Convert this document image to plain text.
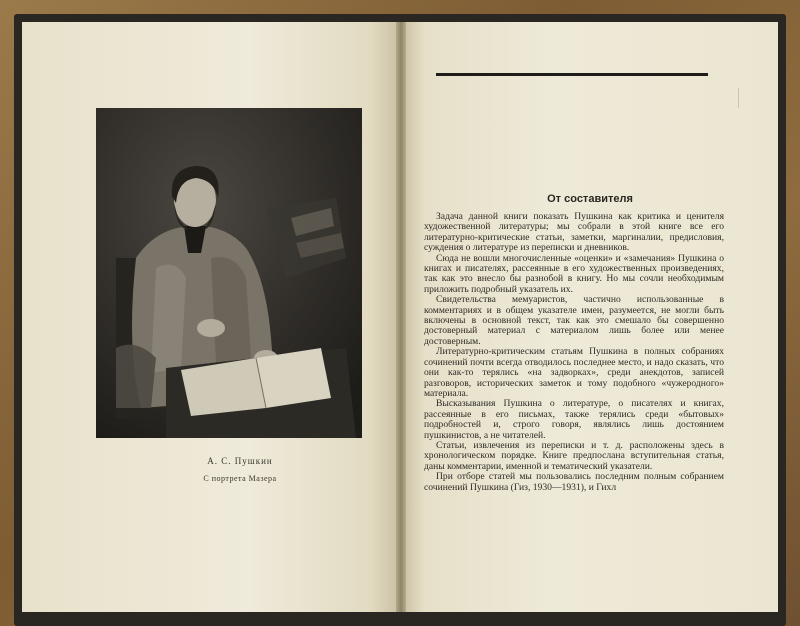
А. С. Пушкин
С портрета Мазера
От составителя

Задача данной книги показать Пушкина как критика и ценителя художественной литературы; мы собрали в этой книге все его литературно-критические статьи, заметки, маргиналии, предисловия, суждения о литературе из переписки и дневников.

Сюда не вошли многочисленные «оценки» и «замечания» Пушкина о книгах и писателях, рассеянные в его художественных произведениях, так как это внесло бы разнобой в книгу. Но мы сочли необходимым приложить подробный указатель их.

Свидетельства мемуаристов, частично использованные в комментариях и в общем указателе имен, разумеется, не могли быть включены в основной текст, так как это смешало бы совершенно достоверный материал с материалом лишь более или менее достоверным.

Литературно-критическим статьям Пушкина в полных собраниях сочинений почти всегда отводилось последнее место, и надо сказать, что они как-то терялись «на задворках», среди анекдотов, записей разговоров, исторических заметок и тому подобного «чужеродного» материала.

Высказывания Пушкина о литературе, о писателях и книгах, рассеянные в его письмах, также терялись среди «бытовых» подробностей и, строго говоря, являлись лишь достоянием пушкинистов, а не читателей.

Статьи, извлечения из переписки и т. д. расположены здесь в хронологическом порядке. Книге предпослана вступительная статья, даны комментарии, именной и тематический указатели.

При отборе статей мы пользовались последним полным собранием сочинений Пушкина (Гиз, 1930—1931), и Гихл
